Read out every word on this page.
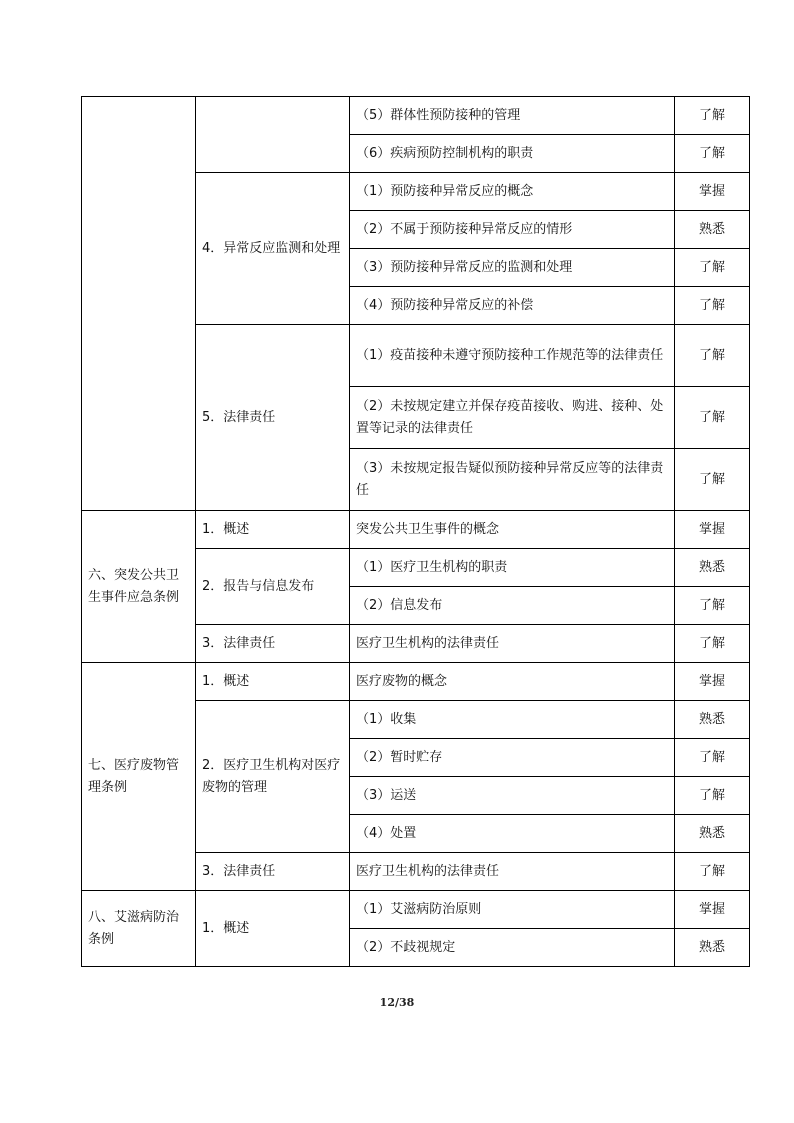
		（5）群体性预防接种的管理	了解
		（6）疾病预防控制机构的职责	了解
	4．异常反应监测和处理	（1）预防接种异常反应的概念	掌握
		（2）不属于预防接种异常反应的情形	熟悉
		（3）预防接种异常反应的监测和处理	了解
		（4）预防接种异常反应的补偿	了解
	5．法律责任	（1）疫苗接种未遵守预防接种工作规范等的法律责任	了解
		（2）未按规定建立并保存疫苗接收、购进、接种、处置等记录的法律责任	了解
		（3）未按规定报告疑似预防接种异常反应等的法律责任	了解
六、突发公共卫生事件应急条例	1．概述	突发公共卫生事件的概念	掌握
	2．报告与信息发布	（1）医疗卫生机构的职责	熟悉
		（2）信息发布	了解
	3．法律责任	医疗卫生机构的法律责任	了解
七、医疗废物管理条例	1．概述	医疗废物的概念	掌握
	2．医疗卫生机构对医疗废物的管理	（1）收集	熟悉
		（2）暂时贮存	了解
		（3）运送	了解
		（4）处置	熟悉
	3．法律责任	医疗卫生机构的法律责任	了解
八、艾滋病防治条例	1．概述	（1）艾滋病防治原则	掌握
		（2）不歧视规定	熟悉
12/38
